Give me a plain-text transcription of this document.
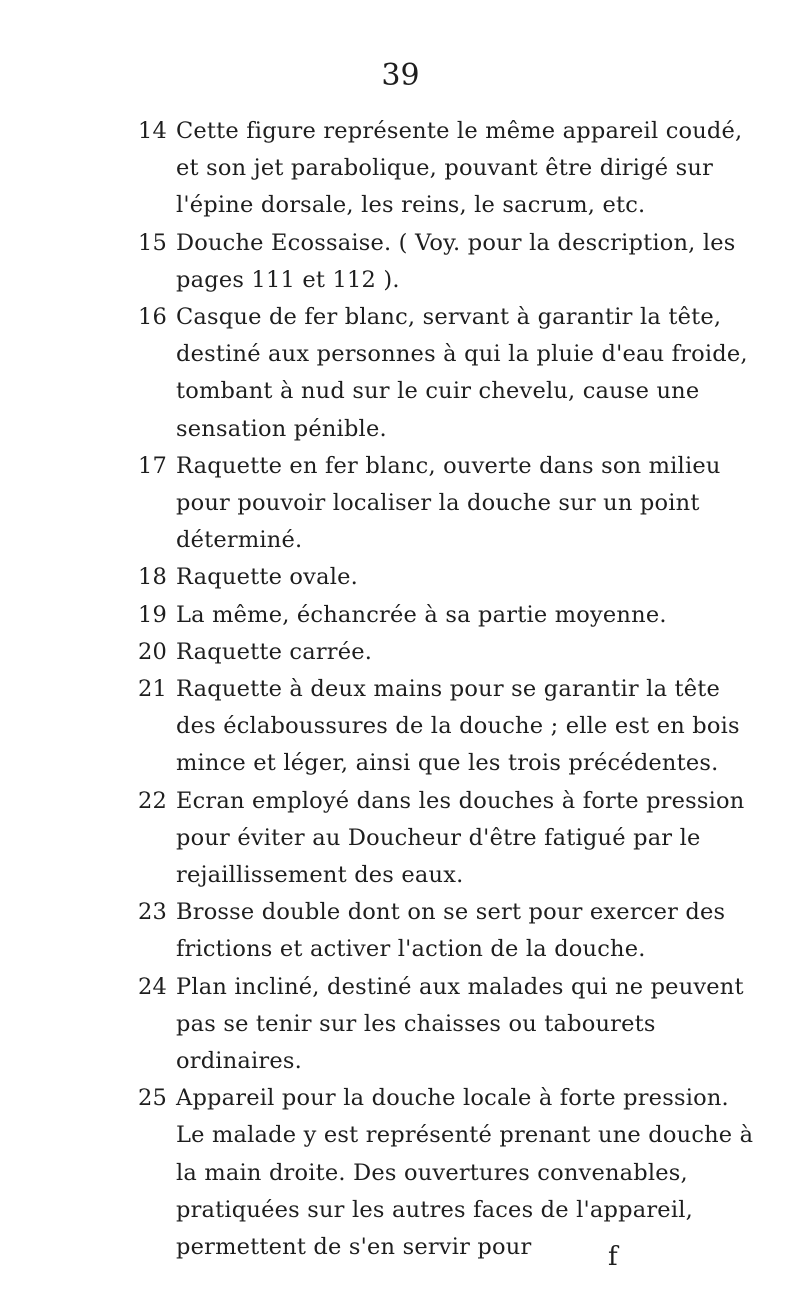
39
14 Cette figure représente le même appareil coudé, et son jet parabolique, pouvant être dirigé sur l'épine dorsale, les reins, le sacrum, etc.
15 Douche Ecossaise. ( Voy. pour la description, les pages 111 et 112 ).
16 Casque de fer blanc, servant à garantir la tête, destiné aux personnes à qui la pluie d'eau froide, tombant à nud sur le cuir chevelu, cause une sensation pénible.
17 Raquette en fer blanc, ouverte dans son milieu pour pouvoir localiser la douche sur un point déterminé.
18 Raquette ovale.
19 La même, échancrée à sa partie moyenne.
20 Raquette carrée.
21 Raquette à deux mains pour se garantir la tête des éclaboussures de la douche ; elle est en bois mince et léger, ainsi que les trois précédentes.
22 Ecran employé dans les douches à forte pression pour éviter au Doucheur d'être fatigué par le rejaillissement des eaux.
23 Brosse double dont on se sert pour exercer des frictions et activer l'action de la douche.
24 Plan incliné, destiné aux malades qui ne peuvent pas se tenir sur les chaisses ou tabourets ordinaires.
25 Appareil pour la douche locale à forte pression. Le malade y est représenté prenant une douche à la main droite. Des ouvertures convenables, pratiquées sur les autres faces de l'appareil, permettent de s'en servir pour	f
